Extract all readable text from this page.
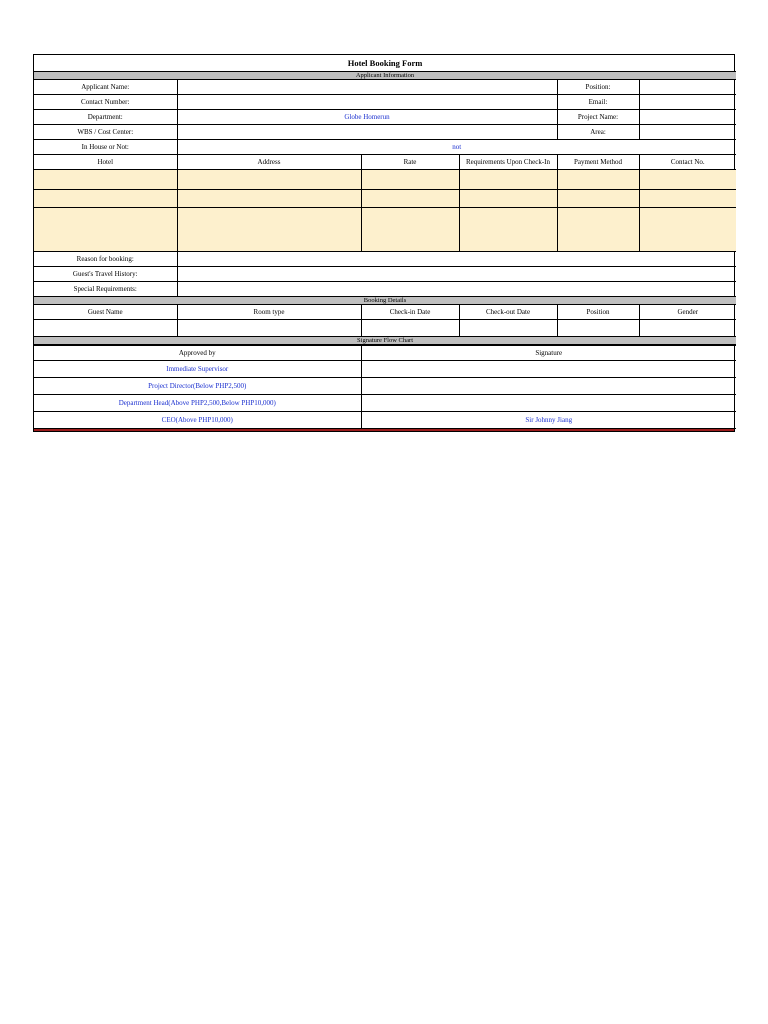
Hotel Booking Form					
Applicant Information					
Applicant Name:				Position:	
Contact Number:				Email:	
Department:	Globe Homerun			Project Name:	
WBS / Cost Center:				Area:	
In House or Not:	not				
Hotel	Address	Rate	Requirements Upon Check-In	Payment Method	Contact No.

Reason for booking:					
Guest's Travel History:					
Special Requirements:					
Booking Details					
Guest Name	Room type	Check-in Date	Check-out Date	Position	Gender

Signature Flow Chart					
Approved by	Signature
Immediate Supervisor	
Project Director(Below PHP2,500)	
Department Head(Above PHP2,500,Below PHP10,000)	
CEO(Above PHP10,000)	Sir Johnny Jiang
